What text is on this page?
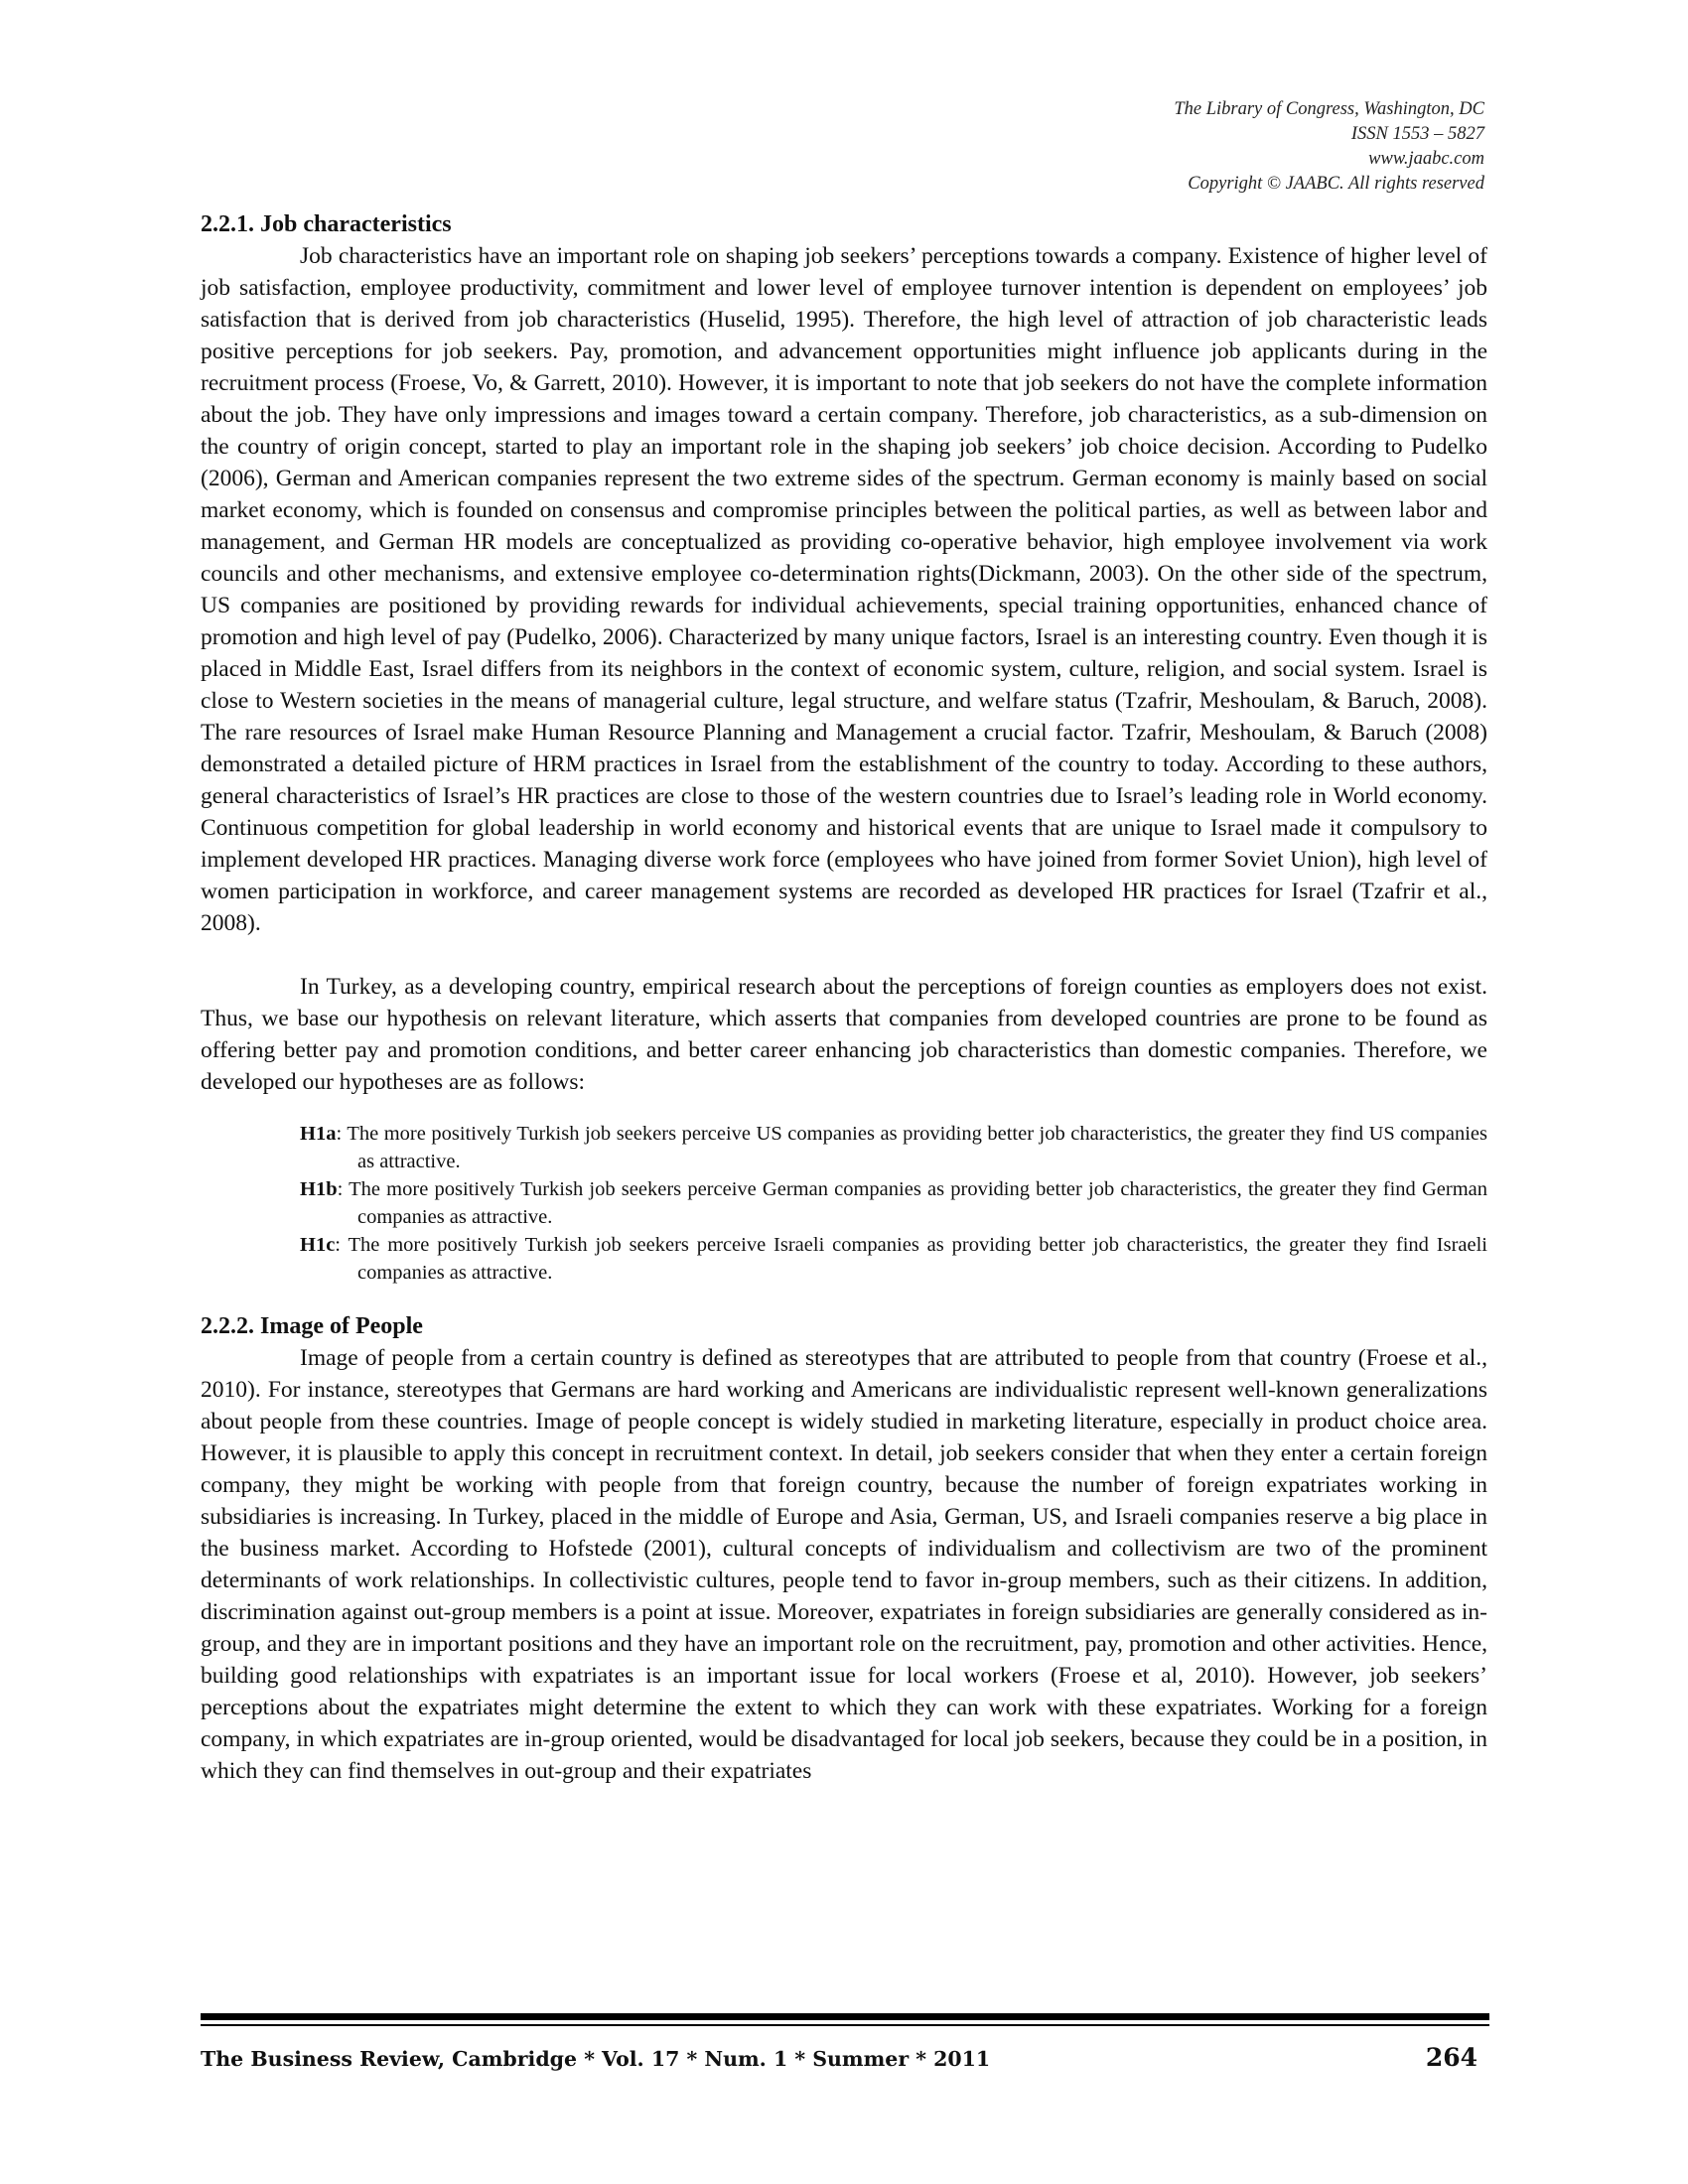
The Library of Congress, Washington, DC
ISSN 1553 – 5827
www.jaabc.com
Copyright © JAABC. All rights reserved

2.2.1. Job characteristics

Job characteristics have an important role on shaping job seekers’ perceptions towards a company. Existence of higher level of job satisfaction, employee productivity, commitment and lower level of employee turnover intention is dependent on employees’ job satisfaction that is derived from job characteristics (Huselid, 1995). Therefore, the high level of attraction of job characteristic leads positive perceptions for job seekers. Pay, promotion, and advancement opportunities might influence job applicants during in the recruitment process (Froese, Vo, & Garrett, 2010). However, it is important to note that job seekers do not have the complete information about the job. They have only impressions and images toward a certain company. Therefore, job characteristics, as a sub-dimension on the country of origin concept, started to play an important role in the shaping job seekers’ job choice decision. According to Pudelko (2006), German and American companies represent the two extreme sides of the spectrum. German economy is mainly based on social market economy, which is founded on consensus and compromise principles between the political parties, as well as between labor and management, and German HR models are conceptualized as providing co-operative behavior, high employee involvement via work councils and other mechanisms, and extensive employee co-determination rights(Dickmann, 2003). On the other side of the spectrum, US companies are positioned by providing rewards for individual achievements, special training opportunities, enhanced chance of promotion and high level of pay (Pudelko, 2006). Characterized by many unique factors, Israel is an interesting country. Even though it is placed in Middle East, Israel differs from its neighbors in the context of economic system, culture, religion, and social system. Israel is close to Western societies in the means of managerial culture, legal structure, and welfare status (Tzafrir, Meshoulam, & Baruch, 2008). The rare resources of Israel make Human Resource Planning and Management a crucial factor. Tzafrir, Meshoulam, & Baruch (2008) demonstrated a detailed picture of HRM practices in Israel from the establishment of the country to today. According to these authors, general characteristics of Israel’s HR practices are close to those of the western countries due to Israel’s leading role in World economy. Continuous competition for global leadership in world economy and historical events that are unique to Israel made it compulsory to implement developed HR practices. Managing diverse work force (employees who have joined from former Soviet Union), high level of women participation in workforce, and career management systems are recorded as developed HR practices for Israel (Tzafrir et al., 2008).

In Turkey, as a developing country, empirical research about the perceptions of foreign counties as employers does not exist. Thus, we base our hypothesis on relevant literature, which asserts that companies from developed countries are prone to be found as offering better pay and promotion conditions, and better career enhancing job characteristics than domestic companies. Therefore, we developed our hypotheses are as follows:

H1a: The more positively Turkish job seekers perceive US companies as providing better job characteristics, the greater they find US companies as attractive.

H1b: The more positively Turkish job seekers perceive German companies as providing better job characteristics, the greater they find German companies as attractive.

H1c: The more positively Turkish job seekers perceive Israeli companies as providing better job characteristics, the greater they find Israeli companies as attractive.

2.2.2. Image of People

Image of people from a certain country is defined as stereotypes that are attributed to people from that country (Froese et al., 2010). For instance, stereotypes that Germans are hard working and Americans are individualistic represent well-known generalizations about people from these countries. Image of people concept is widely studied in marketing literature, especially in product choice area. However, it is plausible to apply this concept in recruitment context. In detail, job seekers consider that when they enter a certain foreign company, they might be working with people from that foreign country, because the number of foreign expatriates working in subsidiaries is increasing. In Turkey, placed in the middle of Europe and Asia, German, US, and Israeli companies reserve a big place in the business market. According to Hofstede (2001), cultural concepts of individualism and collectivism are two of the prominent determinants of work relationships. In collectivistic cultures, people tend to favor in-group members, such as their citizens. In addition, discrimination against out-group members is a point at issue. Moreover, expatriates in foreign subsidiaries are generally considered as in-group, and they are in important positions and they have an important role on the recruitment, pay, promotion and other activities. Hence, building good relationships with expatriates is an important issue for local workers (Froese et al, 2010). However, job seekers’ perceptions about the expatriates might determine the extent to which they can work with these expatriates. Working for a foreign company, in which expatriates are in-group oriented, would be disadvantaged for local job seekers, because they could be in a position, in which they can find themselves in out-group and their expatriates

The Business Review, Cambridge * Vol. 17 * Num. 1 * Summer * 2011	264
